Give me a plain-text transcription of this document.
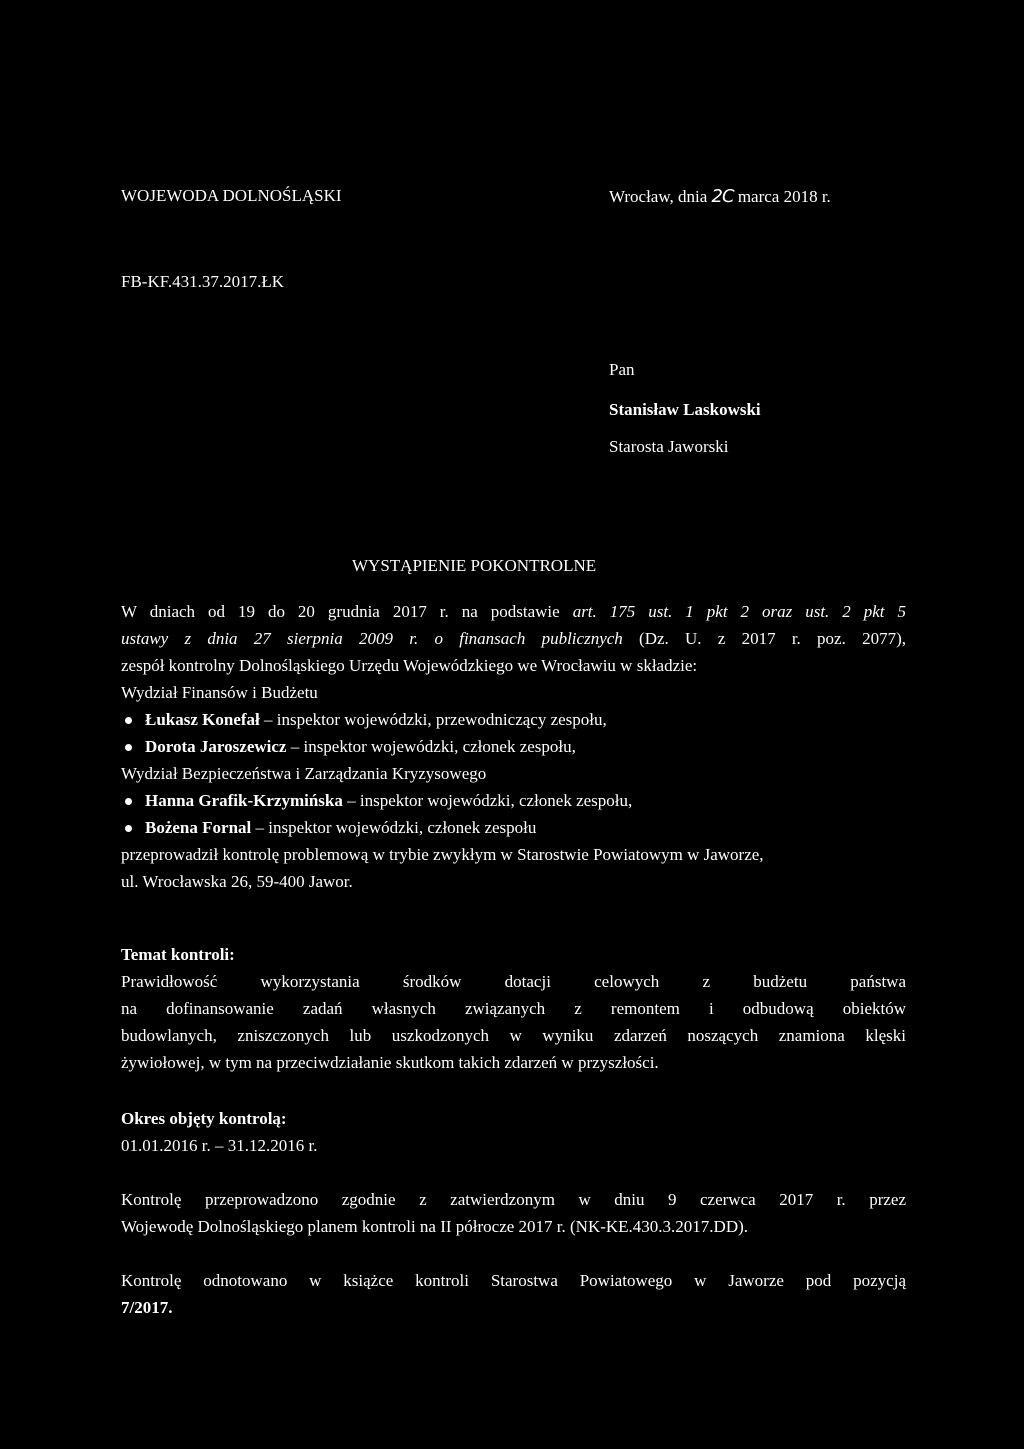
WOJEWODA DOLNOŚLĄSKI	Wrocław, dnia 2C marca 2018 r.
FB-KF.431.37.2017.ŁK
Pan
Stanisław Laskowski
Starosta Jaworski
WYSTĄPIENIE POKONTROLNE
W dniach od 19 do 20 grudnia 2017 r. na podstawie art. 175 ust. 1 pkt 2 oraz ust. 2 pkt 5
ustawy z dnia 27 sierpnia 2009 r. o finansach publicznych (Dz. U. z 2017 r. poz. 2077),
zespół kontrolny Dolnośląskiego Urzędu Wojewódzkiego we Wrocławiu w składzie:
Wydział Finansów i Budżetu
Łukasz Konefał – inspektor wojewódzki, przewodniczący zespołu,
Dorota Jaroszewicz – inspektor wojewódzki, członek zespołu,
Wydział Bezpieczeństwa i Zarządzania Kryzysowego
Hanna Grafik-Krzymińska – inspektor wojewódzki, członek zespołu,
Bożena Fornal – inspektor wojewódzki, członek zespołu
przeprowadził kontrolę problemową w trybie zwykłym w Starostwie Powiatowym w Jaworze,
ul. Wrocławska 26, 59-400 Jawor.
Temat kontroli:
Prawidłowość wykorzystania środków dotacji celowych z budżetu państwa
na dofinansowanie zadań własnych związanych z remontem i odbudową obiektów
budowlanych, zniszczonych lub uszkodzonych w wyniku zdarzeń noszących znamiona klęski
żywiołowej, w tym na przeciwdziałanie skutkom takich zdarzeń w przyszłości.
Okres objęty kontrolą:
01.01.2016 r. – 31.12.2016 r.
Kontrolę przeprowadzono zgodnie z zatwierdzonym w dniu 9 czerwca 2017 r. przez
Wojewodę Dolnośląskiego planem kontroli na II półrocze 2017 r. (NK-KE.430.3.2017.DD).
Kontrolę odnotowano w książce kontroli Starostwa Powiatowego w Jaworze pod pozycją
7/2017.
